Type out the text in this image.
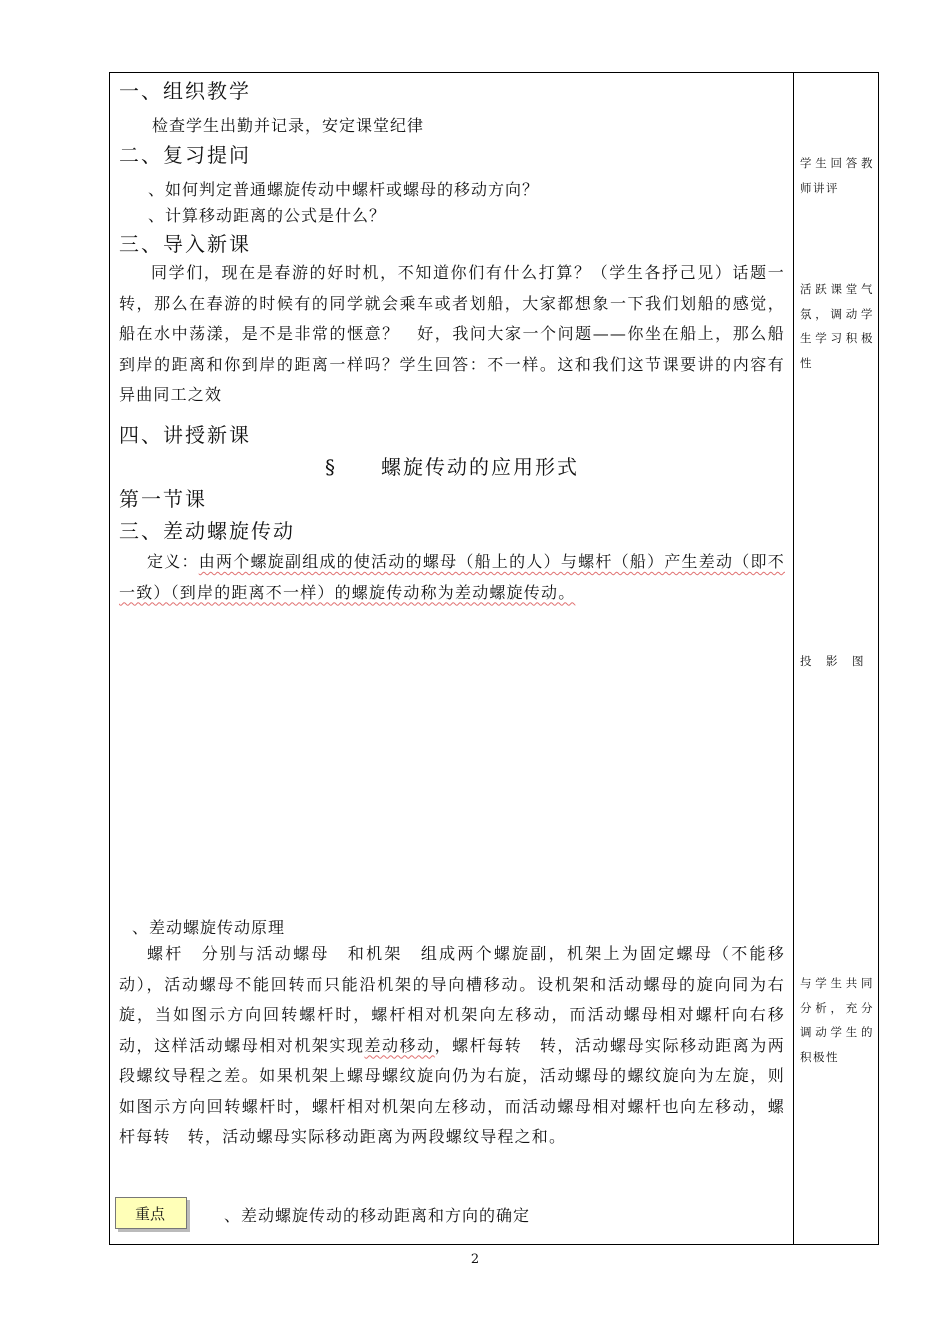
一、组织教学
检查学生出勤并记录，安定课堂纪律
二、复习提问
、如何判定普通螺旋传动中螺杆或螺母的移动方向？
、计算移动距离的公式是什么？
三、导入新课
同学们，现在是春游的好时机，不知道你们有什么打算？（学生各抒己见）话题一转，那么在春游的时候有的同学就会乘车或者划船，大家都想象一下我们划船的感觉，船在水中荡漾，是不是非常的惬意？　好，我问大家一个问题——你坐在船上，那么船到岸的距离和你到岸的距离一样吗？学生回答：不一样。这和我们这节课要讲的内容有异曲同工之效
四、讲授新课
§　　螺旋传动的应用形式
第一节课
三、差动螺旋传动
定义：由两个螺旋副组成的使活动的螺母（船上的人）与螺杆（船）产生差动（即不一致）（到岸的距离不一样）的螺旋传动称为差动螺旋传动。
、差动螺旋传动原理
螺杆　分别与活动螺母　和机架　组成两个螺旋副，机架上为固定螺母（不能移动），活动螺母不能回转而只能沿机架的导向槽移动。设机架和活动螺母的旋向同为右旋，当如图示方向回转螺杆时，螺杆相对机架向左移动，而活动螺母相对螺杆向右移动，这样活动螺母相对机架实现差动移动，螺杆每转　转，活动螺母实际移动距离为两段螺纹导程之差。如果机架上螺母螺纹旋向仍为右旋，活动螺母的螺纹旋向为左旋，则如图示方向回转螺杆时，螺杆相对机架向左移动，而活动螺母相对螺杆也向左移动，螺杆每转　转，活动螺母实际移动距离为两段螺纹导程之和。
重点	、差动螺旋传动的移动距离和方向的确定
学生回答教师讲评
活跃课堂气氛，调动学生学习积极性
投　影　图
与学生共同分析，充分调动学生的积极性
2
